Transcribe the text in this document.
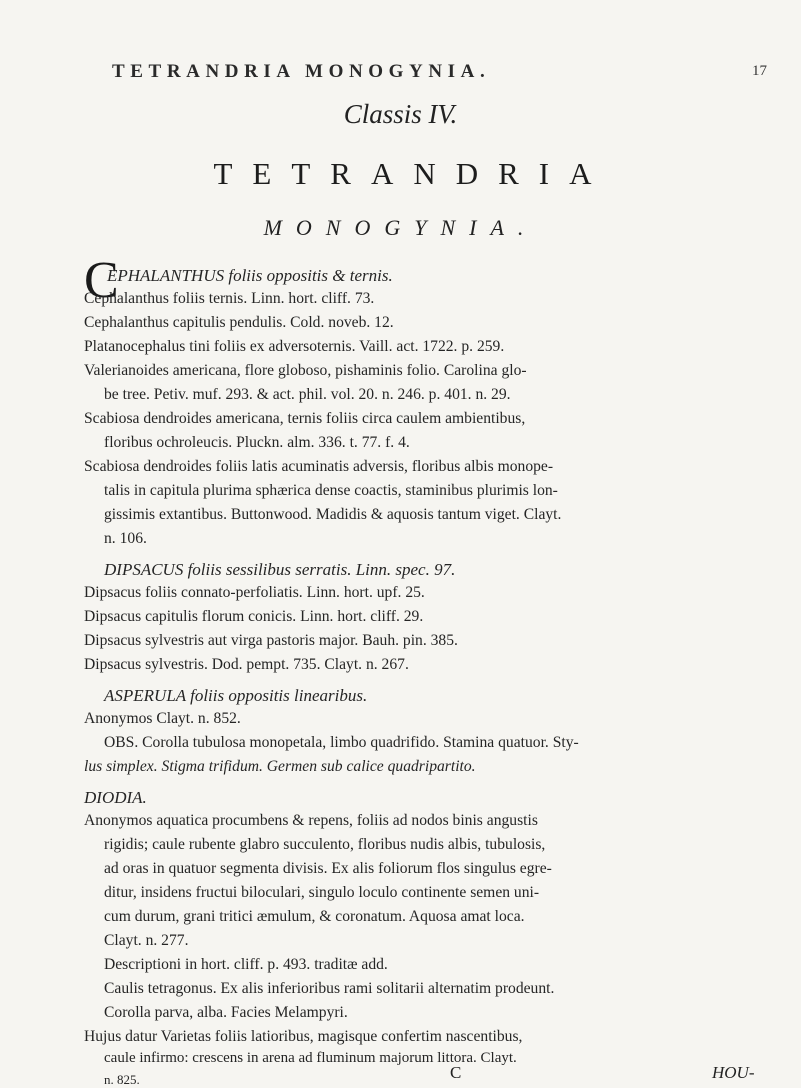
TETRANDRIA MONOGYNIA.	17
Classis IV.
TETRANDRIA
MONOGYNIA.
C
EPHALANTHUS foliis oppositis & ternis.
Cephalanthus foliis ternis. Linn. hort. cliff. 73.
Cephalanthus capitulis pendulis. Cold. noveb. 12.
Platanocephalus tini foliis ex adversoternis. Vaill. act. 1722. p. 259.
Valerianoides americana, flore globoso, pishaminis folio. Carolina glo-
be tree. Petiv. muf. 293. & act. phil. vol. 20. n. 246. p. 401. n. 29.
Scabiosa dendroides americana, ternis foliis circa caulem ambientibus,
floribus ochroleucis. Pluckn. alm. 336. t. 77. f. 4.
Scabiosa dendroides foliis latis acuminatis adversis, floribus albis monope-
talis in capitula plurima sphærica dense coactis, staminibus plurimis lon-
gissimis extantibus. Buttonwood. Madidis & aquosis tantum viget. Clayt.
n. 106.
DIPSACUS foliis sessilibus serratis. Linn. spec. 97.
Dipsacus foliis connato-perfoliatis. Linn. hort. upf. 25.
Dipsacus capitulis florum conicis. Linn. hort. cliff. 29.
Dipsacus sylvestris aut virga pastoris major. Bauh. pin. 385.
Dipsacus sylvestris. Dod. pempt. 735. Clayt. n. 267.
ASPERULA foliis oppositis linearibus.
Anonymos Clayt. n. 852.
OBS. Corolla tubulosa monopetala, limbo quadrifido. Stamina quatuor. Sty-
lus simplex. Stigma trifidum. Germen sub calice quadripartito.
DIODIA.
Anonymos aquatica procumbens & repens, foliis ad nodos binis angustis
rigidis; caule rubente glabro succulento, floribus nudis albis, tubulosis,
ad oras in quatuor segmenta divisis. Ex alis foliorum flos singulus egre-
ditur, insidens fructui biloculari, singulo loculo continente semen uni-
cum durum, grani tritici æmulum, & coronatum. Aquosa amat loca.
Clayt. n. 277.
Descriptioni in hort. cliff. p. 493. traditæ add.
Caulis tetragonus. Ex alis inferioribus rami solitarii alternatim prodeunt.
Corolla parva, alba. Facies Melampyri.
Hujus datur Varietas foliis latioribus, magisque confertim nascentibus,
caule infirmo: crescens in arena ad fluminum majorum littora. Clayt.
n. 825.	C	HOU-
